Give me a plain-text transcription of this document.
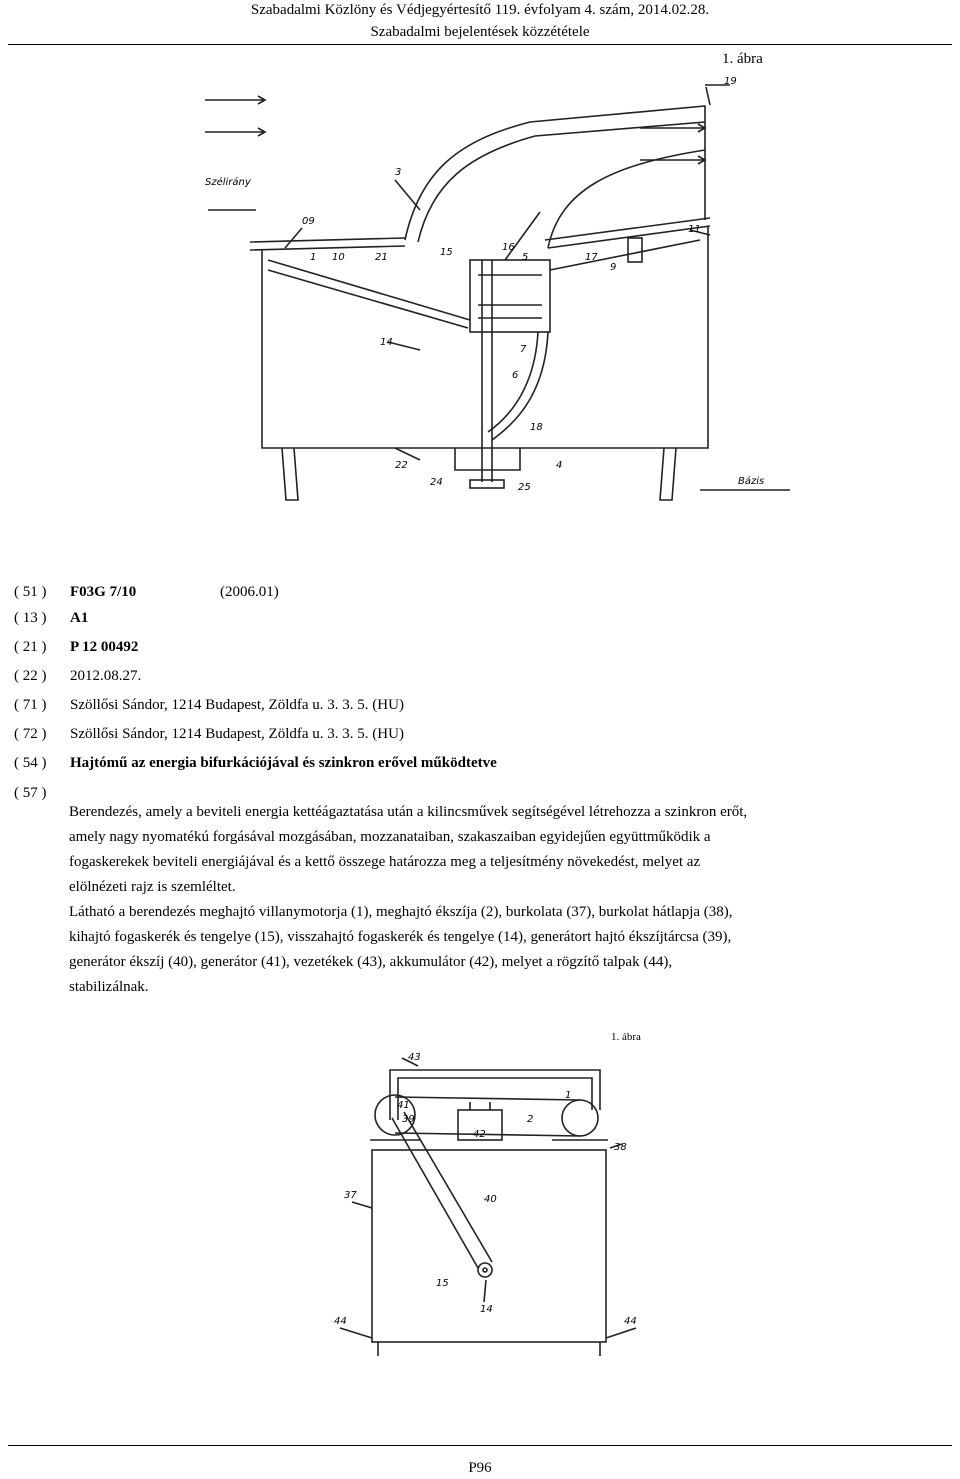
Szabadalmi Közlöny és Védjegyértesítő 119. évfolyam 4. szám, 2014.02.28.
Szabadalmi bejelentések közzététele
1. ábra
Szélirány
Bázis
19
3
09
1 10	21	15	16
5	17
9
11
14
7
6
18
22
24	25
4
( 51 ) F03G 7/10	(2006.01)
( 13 ) A1
( 21 ) P 12 00492
( 22 ) 2012.08.27.
( 71 ) Szöllősi Sándor, 1214 Budapest, Zöldfa u. 3. 3. 5. (HU)
( 72 ) Szöllősi Sándor, 1214 Budapest, Zöldfa u. 3. 3. 5. (HU)
( 54 ) Hajtómű az energia bifurkációjával és szinkron erővel működtetve
( 57 )
Berendezés, amely a beviteli energia kettéágaztatása után a kilincsművek segítségével létrehozza a szinkron erőt,
amely nagy nyomatékú forgásával mozgásában, mozzanataiban, szakaszaiban egyidejűen együttműködik a
fogaskerekek beviteli energiájával és a kettő összege határozza meg a teljesítmény növekedést, melyet az
elölnézeti rajz is szemléltet.
Látható a berendezés meghajtó villanymotorja (1), meghajtó ékszíja (2), burkolata (37), burkolat hátlapja (38),
kihajtó fogaskerék és tengelye (15), visszahajtó fogaskerék és tengelye (14), generátort hajtó ékszíjtárcsa (39),
generátor ékszíj (40), generátor (41), vezetékek (43), akkumulátor (42), melyet a rögzítő talpak (44),
stabilizálnak.
1. ábra
43
41
39
42
2
1
38
37	40
15
14
44	44
P96
